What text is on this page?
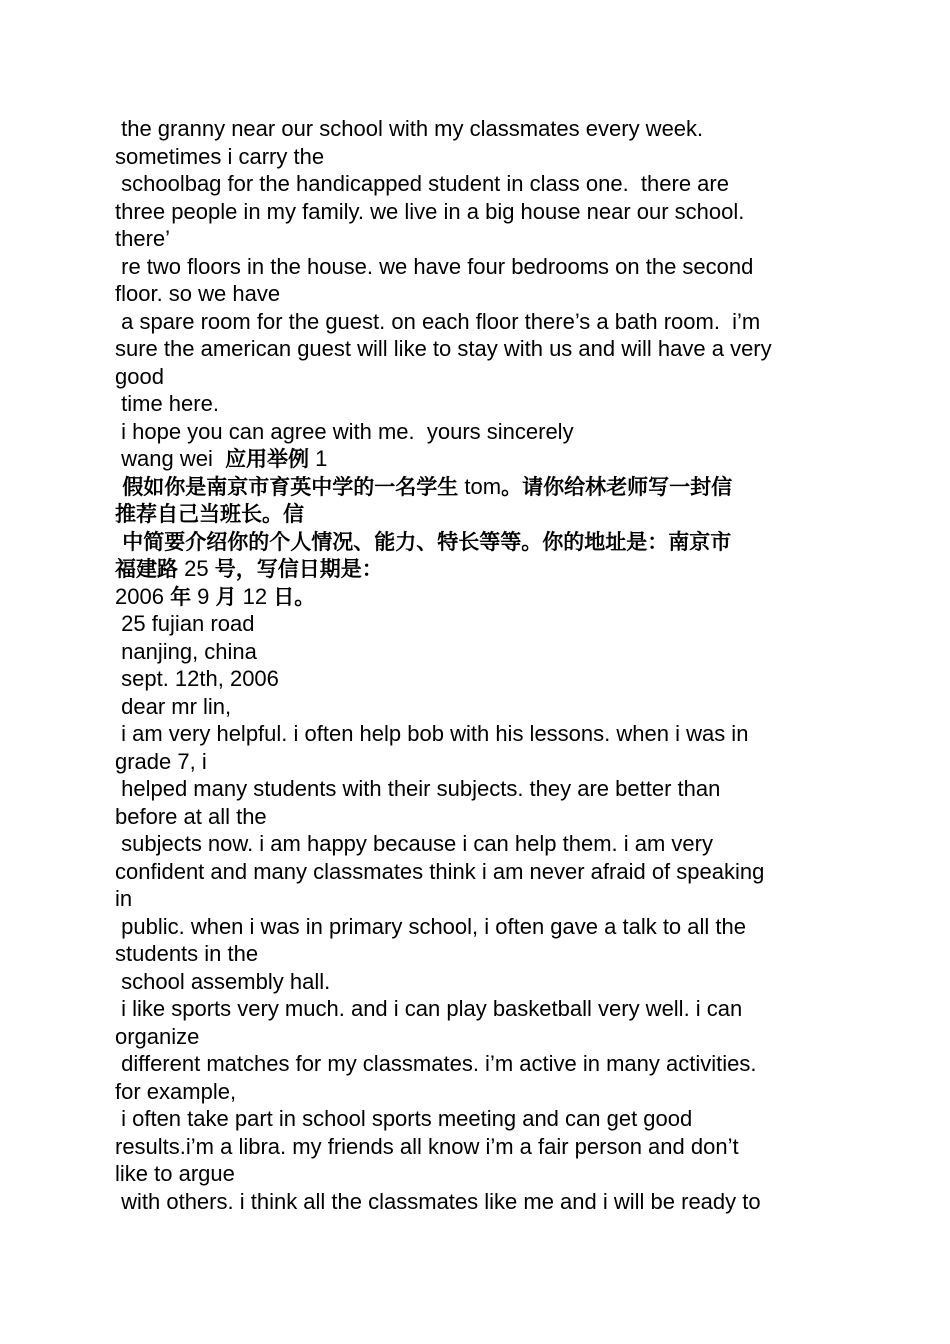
the granny near our school with my classmates every week.
sometimes i carry the
schoolbag for the handicapped student in class one.  there are
three people in my family. we live in a big house near our school.
there’
re two floors in the house. we have four bedrooms on the second
floor. so we have
a spare room for the guest. on each floor there’s a bath room.  i’m
sure the american guest will like to stay with us and will have a very
good
time here.
i hope you can agree with me.  yours sincerely
wang wei  应用举例 1
假如你是南京市育英中学的一名学生 tom。请你给林老师写一封信
推荐自己当班长。信
中简要介绍你的个人情况、能力、特长等等。你的地址是：南京市
福建路 25 号，写信日期是：
2006 年 9 月 12 日。
25 fujian road
nanjing, china
sept. 12th, 2006
dear mr lin,
i am very helpful. i often help bob with his lessons. when i was in
grade 7, i
helped many students with their subjects. they are better than
before at all the
subjects now. i am happy because i can help them. i am very
confident and many classmates think i am never afraid of speaking
in
public. when i was in primary school, i often gave a talk to all the
students in the
school assembly hall.
i like sports very much. and i can play basketball very well. i can
organize
different matches for my classmates. i’m active in many activities.
for example,
i often take part in school sports meeting and can get good
results.i’m a libra. my friends all know i’m a fair person and don’t
like to argue
with others. i think all the classmates like me and i will be ready to
